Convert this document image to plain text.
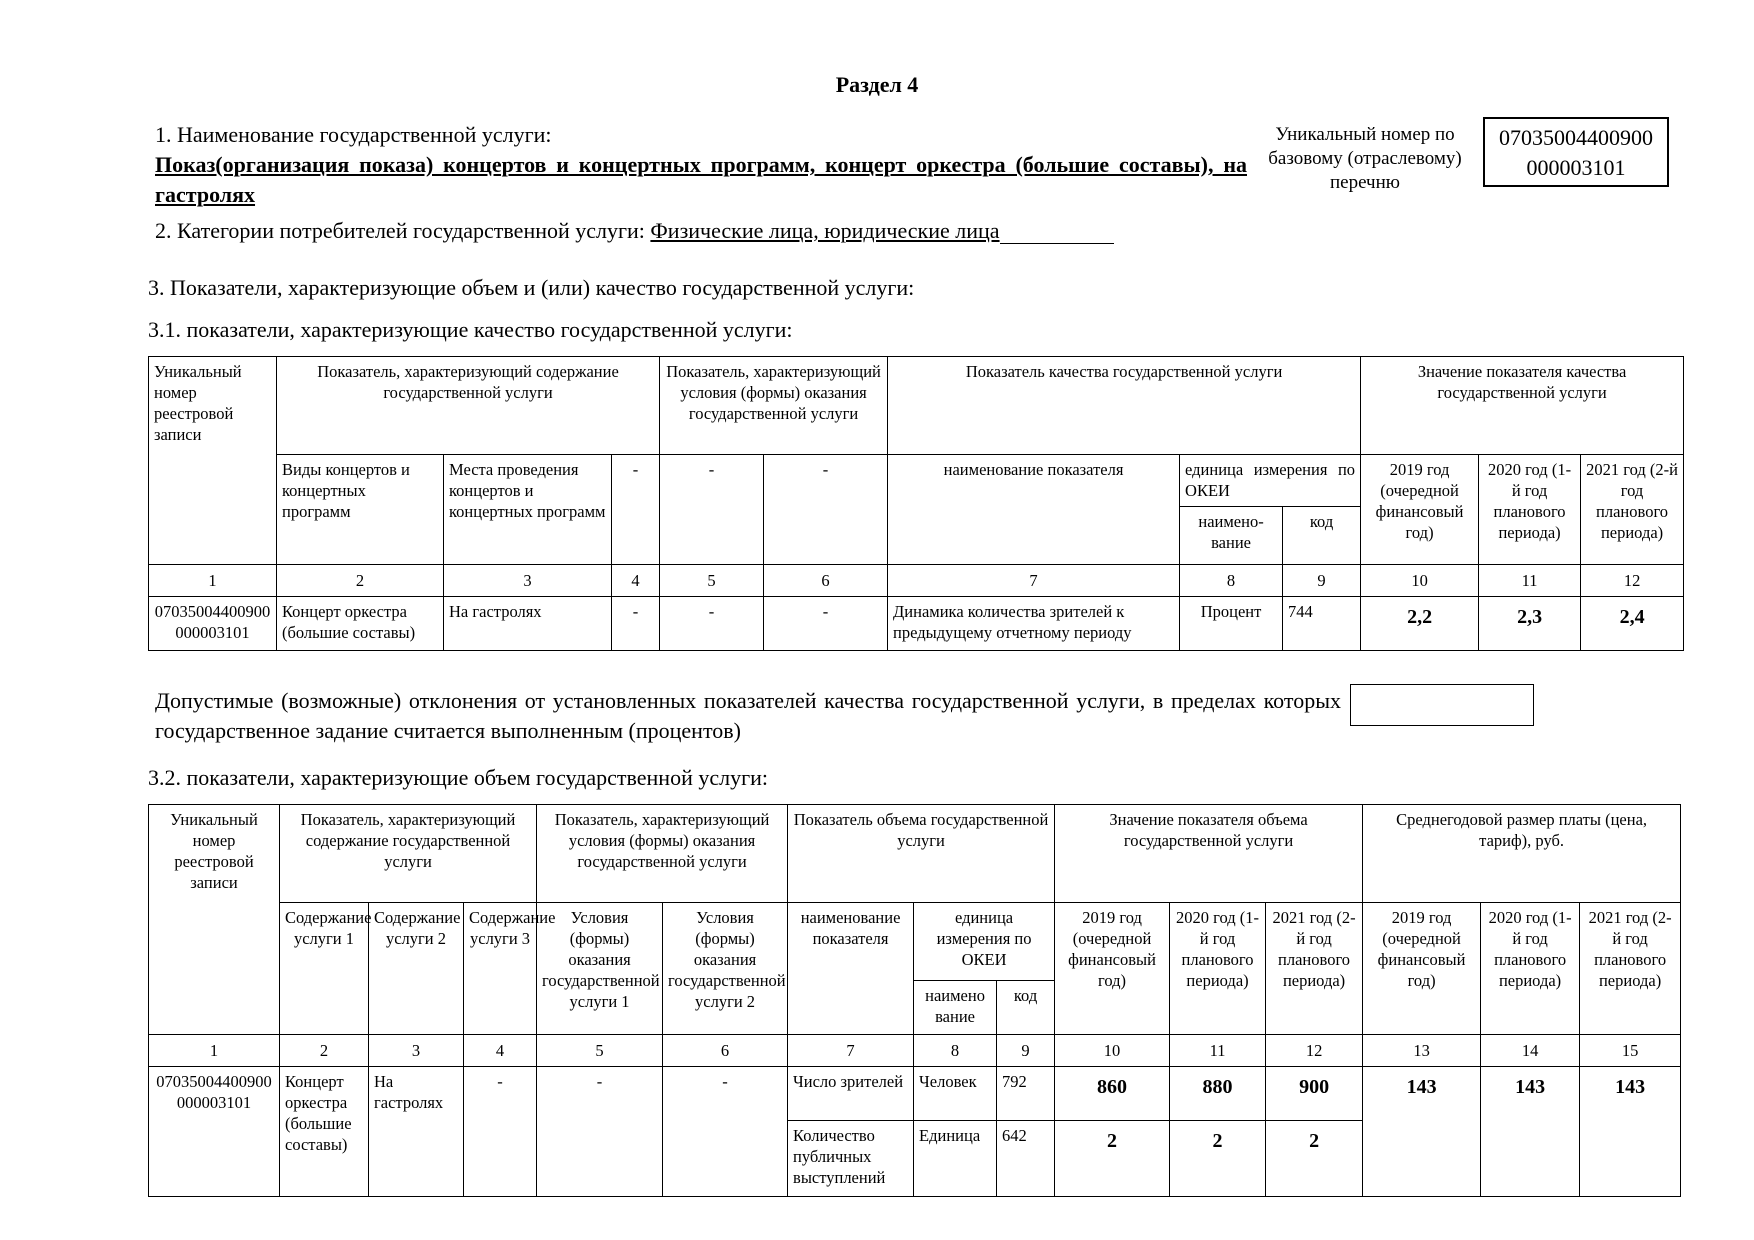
Раздел 4
1. Наименование государственной услуги:
Показ(организация показа) концертов и концертных программ, концерт оркестра (большие составы), на гастролях
Уникальный номер по базовому (отраслевому) перечню
07035004400900
000003101
2. Категории потребителей государственной услуги: Физические лица, юридические лица
3. Показатели, характеризующие объем и (или) качество государственной услуги:
3.1. показатели, характеризующие качество государственной услуги:
Уникальный номер реестровой записи	Показатель, характеризующий содержание государственной услуги			Показатель, характеризующий условия (формы) оказания государственной услуги		Показатель качества государственной услуги			Значение показателя качества государственной услуги		
	Виды концертов и концертных программ	Места проведения концертов и концертных программ	-	-	-	наименование показателя	единица измерения по ОКЕИ		2019 год (очередной финансовый год)	2020 год (1-й год планового периода)	2021 год (2-й год планового периода)
							наимено-вание	код			
1	2	3	4	5	6	7	8	9	10	11	12
07035004400900000003101	Концерт оркестра (большие составы)	На гастролях	-	-	-	Динамика количества зрителей к предыдущему отчетному периоду	Процент	744	2,2	2,3	2,4
Допустимые (возможные) отклонения от установленных показателей качества государственной услуги, в пределах которых государственное задание считается выполненным (процентов)
3.2. показатели, характеризующие объем государственной услуги:
Уникальный номер реестровой записи	Показатель, характеризующий содержание государственной услуги			Показатель, характеризующий условия (формы) оказания государственной услуги		Показатель объема государственной услуги			Значение показателя объема государственной услуги			Среднегодовой размер платы (цена, тариф), руб.		
	Содержание услуги 1	Содержание услуги 2	Содержание услуги 3	Условия (формы) оказания государственной услуги 1	Условия (формы) оказания государственной услуги 2	наименование показателя	единица измерения по ОКЕИ		2019 год (очередной финансовый год)	2020 год (1-й год планового периода)	2021 год (2-й год планового периода)	2019 год (очередной финансовый год)	2020 год (1-й год планового периода)	2021 год (2-й год планового периода)
							наимено вание	код						
1	2	3	4	5	6	7	8	9	10	11	12	13	14	15
07035004400900000003101	Концерт оркестра (большие составы)	На гастролях	-	-	-	Число зрителей	Человек	792	860	880	900	143	143	143
						Количество публичных выступлений	Единица	642	2	2	2			
